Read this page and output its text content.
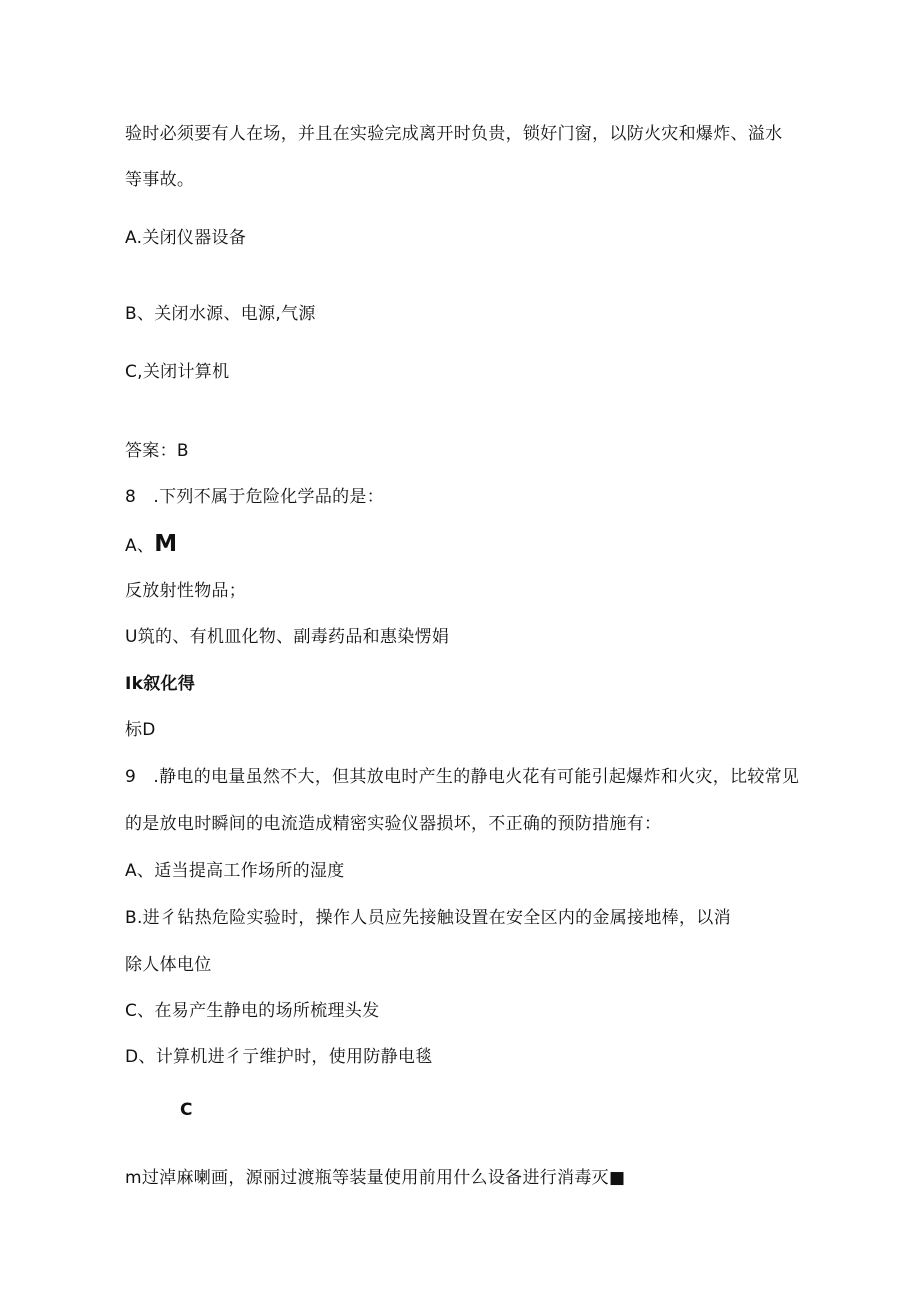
验时必须要有人在场，并且在实验完成离开时负贵，锁好门窗，以防火灾和爆炸、溢水
等事故。
A.关闭仪器设备
B、关闭水源、电源,气源
C,关闭计算机
答案：B
8　.下列不属于危险化学品的是：
A、M
反放射性物品；
U筑的、有机皿化物、副毒药品和惠染愣娟
Ik叙化得
标D
9　.静电的电量虽然不大，但其放电时产生的静电火花有可能引起爆炸和火灾，比较常见
的是放电时瞬间的电流造成精密实验仪器损坏，不正确的预防措施有：
A、适当提高工作场所的湿度
B.进彳钻热危险实验时，操作人员应先接触设置在安全区内的金属接地棒，以消
除人体电位
C、在易产生静电的场所梳理头发
D、计算机进彳亍维护时，使用防静电毯
C
m过淖麻喇画，源丽过渡瓶等装量使用前用什么设备进行消毒灭■
